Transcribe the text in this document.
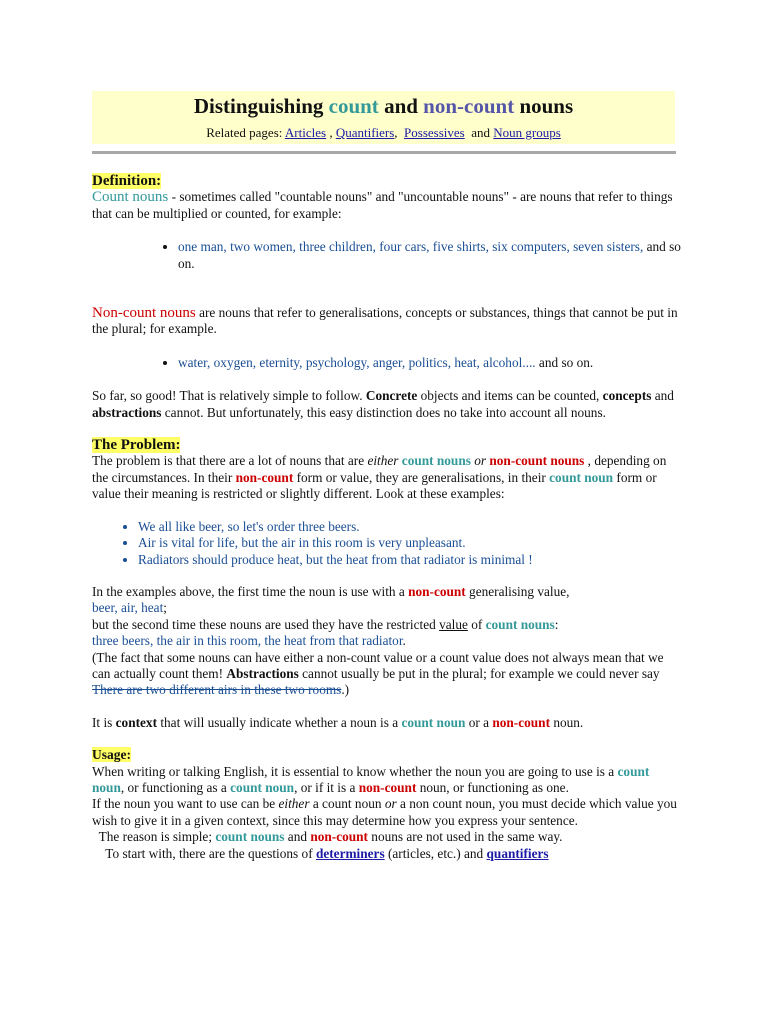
Distinguishing count and non-count nouns
Related pages: Articles , Quantifiers,  Possessives  and Noun groups
Definition:

Count nouns - sometimes called "countable nouns" and "uncountable nouns" - are nouns that refer to things that can be multiplied or counted, for example:

• one man, two women, three children, four cars, five shirts, six computers, seven sisters, and so on.

Non-count nouns are nouns that refer to generalisations, concepts or substances, things that cannot be put in the plural; for example.

• water, oxygen, eternity, psychology, anger, politics, heat, alcohol.... and so on.

So far, so good! That is relatively simple to follow. Concrete objects and items can be counted, concepts and abstractions cannot. But unfortunately, this easy distinction does no take into account all nouns.

The Problem:

The problem is that there are a lot of nouns that are either count nouns or non-count nouns , depending on the circumstances. In their non-count form or value, they are generalisations, in their count noun form or value their meaning is restricted or slightly different. Look at these examples:

• We all like beer, so let's order three beers.
• Air is vital for life, but the air in this room is very unpleasant.
• Radiators should produce heat, but the heat from that radiator is minimal !

In the examples above, the first time the noun is use with a non-count generalising value,
beer, air, heat;
but the second time these nouns are used they have the restricted value of count nouns:
three beers, the air in this room, the heat from that radiator.
(The fact that some nouns can have either a non-count value or a count value does not always mean that we can actually count them! Abstractions cannot usually be put in the plural; for example we could never say There are two different airs in these two rooms.)

It is context that will usually indicate whether a noun is a count noun or a non-count noun.

Usage:

When writing or talking English, it is essential to know whether the noun you are going to use is a count noun, or functioning as a count noun, or if it is a non-count noun, or functioning as one.

If the noun you want to use can be either a count noun or a non count noun, you must decide which value you wish to give it in a given context, since this may determine how you express your sentence.

The reason is simple; count nouns and non-count nouns are not used in the same way.

To start with, there are the questions of determiners (articles, etc.) and quantifiers
